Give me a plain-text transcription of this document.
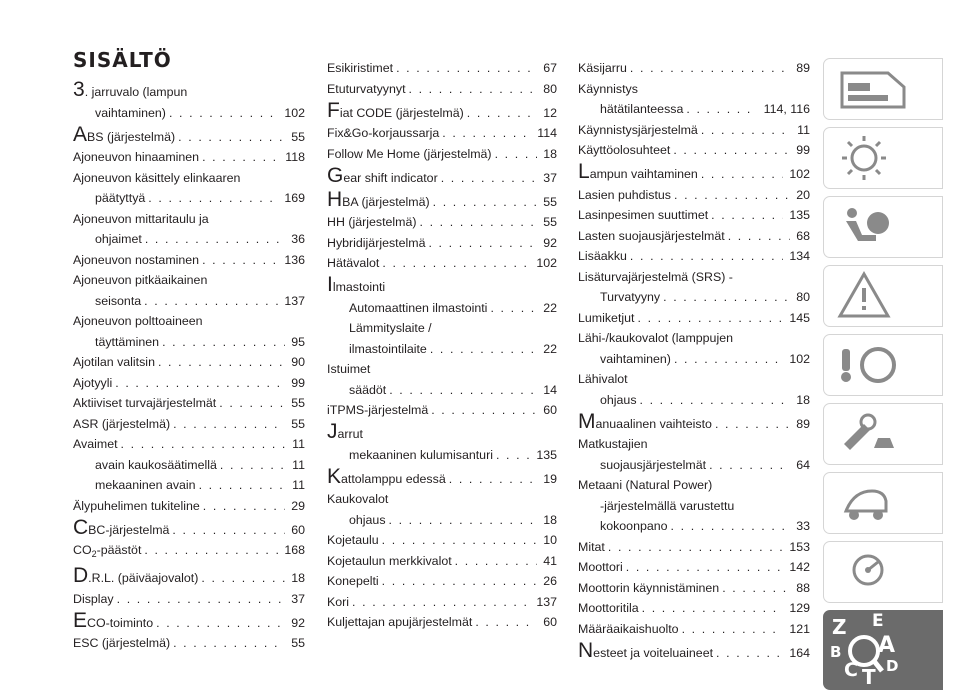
SISÄLTÖ
3. jarruvalo (lampun
vaihtaminen) . . .	102
ABS (järjestelmä) . . .	55
Ajoneuvon hinaaminen . . .	118
Ajoneuvon käsittely elinkaaren
päätyttyä . . .	169
Ajoneuvon mittaritaulu ja
ohjaimet . . .	36
Ajoneuvon nostaminen . . .	136
Ajoneuvon pitkäaikainen
seisonta . . .	137
Ajoneuvon polttoaineen
täyttäminen . . .	95
Ajotilan valitsin . . .	90
Ajotyyli . . .	99
Aktiiviset turvajärjestelmät . . .	55
ASR (järjestelmä) . . .	55
Avaimet . . .	11
avain kaukosäätimellä . . .	11
mekaaninen avain . . .	11
Älypuhelimen tukiteline . . .	29
CBC-järjestelmä . . .	60
$CO_2$-päästöt . . .	168
D.R.L. (päiväajovalot) . . .	18
Display . . .	37
ECO-toiminto . . .	92
ESC (järjestelmä) . . .	55
Esikiristimet . . .	67
Etuturvatyynyt . . .	80
Fiat CODE (järjestelmä) . . .	12
Fix&Go-korjaussarja . . .	114
Follow Me Home (järjestelmä) . . .	18
Gear shift indicator . . .	37
HBA (järjestelmä) . . .	55
HH (järjestelmä) . . .	55
Hybridijärjestelmä . . .	92
Hätävalot . . .	102
Ilmastointi
Automaattinen ilmastointi . . .	22
Lämmityslaite /
ilmastointilaite . . .	22
Istuimet
säädöt . . .	14
iTPMS-järjestelmä . . .	60
Jarrut
mekaaninen kulumisanturi . . .	135
Kattolamppu edessä . . .	19
Kaukovalot
ohjaus . . .	18
Kojetaulu . . .	10
Kojetaulun merkkivalot . . .	41
Konepelti . . .	26
Kori . . .	137
Kuljettajan apujärjestelmät . . .	60
Käsijarru . . .	89
Käynnistys
hätätilanteessa . . .	114, 116
Käynnistysjärjestelmä . . .	11
Käyttöolosuhteet . . .	99
Lampun vaihtaminen . . .	102
Lasien puhdistus . . .	20
Lasinpesimen suuttimet . . .	135
Lasten suojausjärjestelmät . . .	68
Lisäakku . . .	134
Lisäturvajärjestelmä (SRS) -
Turvatyyny . . .	80
Lumiketjut . . .	145
Lähi-/kaukovalot (lamppujen
vaihtaminen) . . .	102
Lähivalot
ohjaus . . .	18
Manuaalinen vaihteisto . . .	89
Matkustajien
suojausjärjestelmät . . .	64
Metaani (Natural Power)
-järjestelmällä varustettu
kokoonpano . . .	33
Mitat . . .	153
Moottori . . .	142
Moottorin käynnistäminen . . .	88
Moottoritila . . .	129
Määräaikaishuolto . . .	121
Nesteet ja voiteluaineet . . .	164
Z E
B A
C T D
